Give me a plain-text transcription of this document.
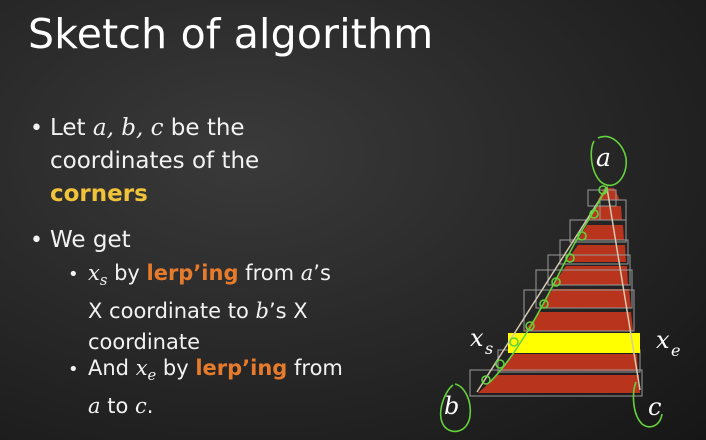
Sketch of algorithm
• Let a, b, c be the
coordinates of the
corners
• We get
• $x_s$ by lerp’ing from a’s
X coordinate to b’s X
coordinate
• And $x_e$ by lerp’ing from
a to c.
a
b	c
x s	x e
